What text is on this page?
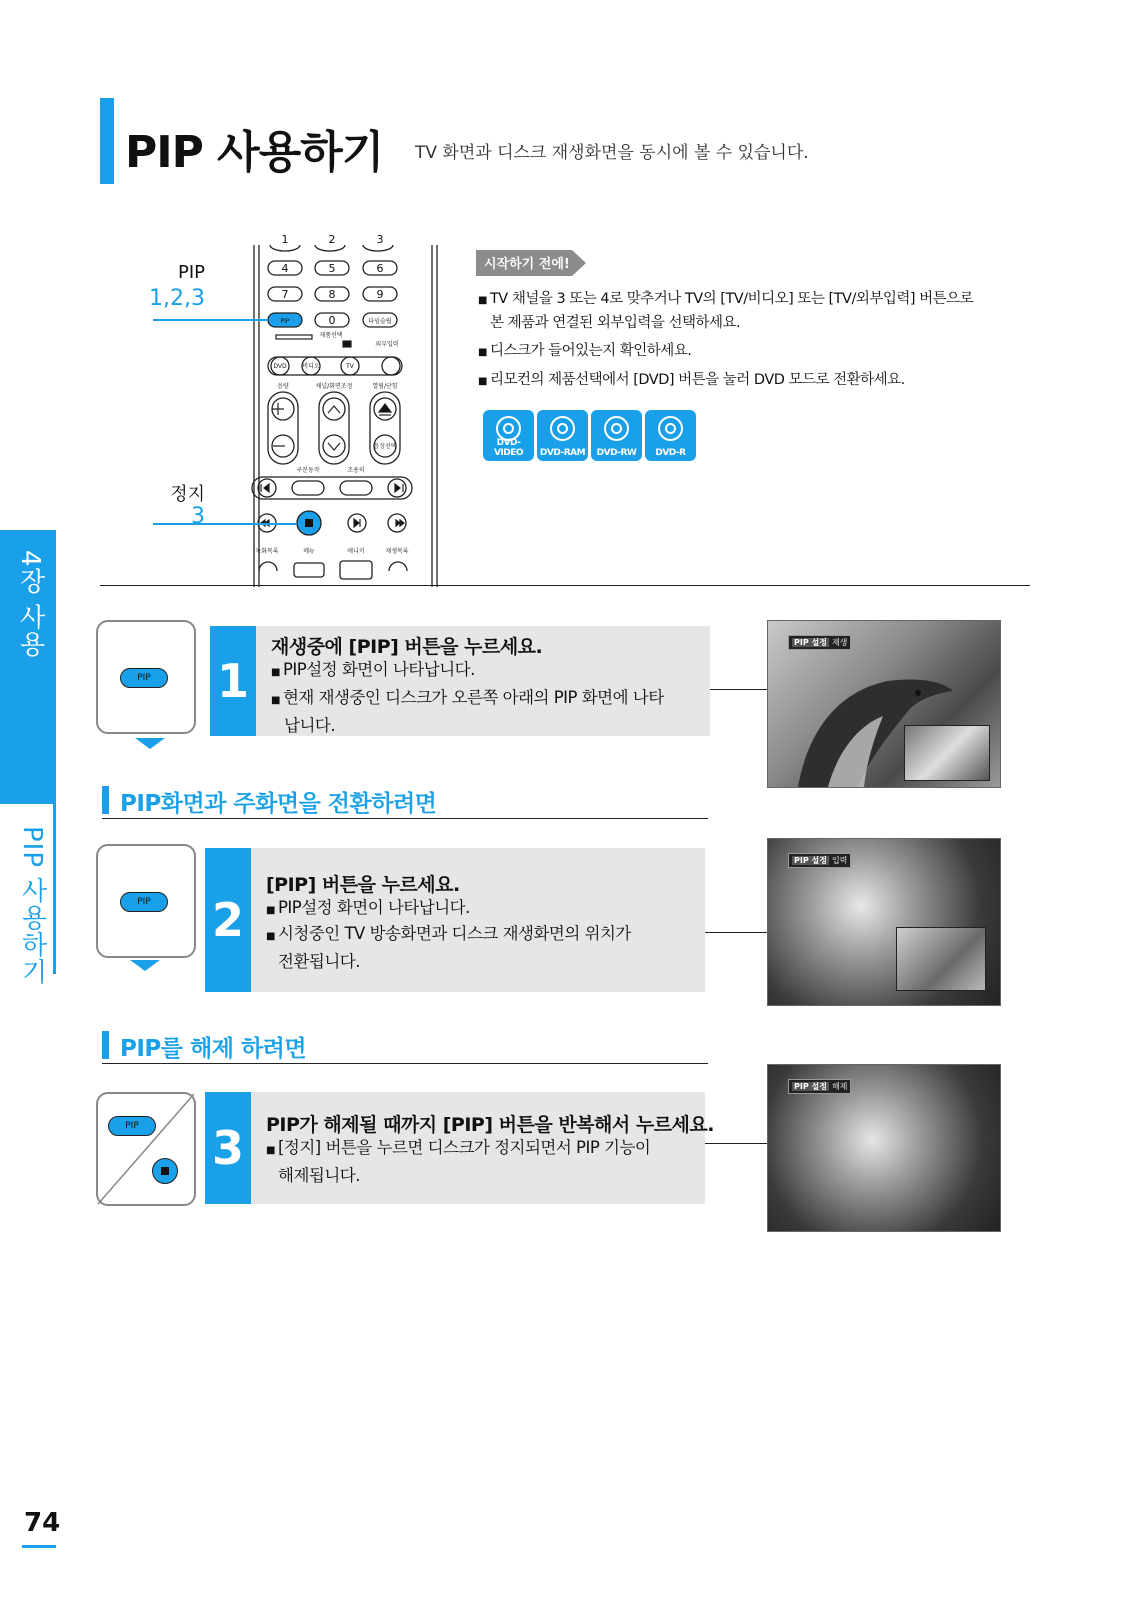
PIP 사용하기 TV 화면과 디스크 재생화면을 동시에 볼 수 있습니다.
4장 사용
PIP 사용하기
PIP
1,2,3
정지
3
1	2	3
4	5	6
7	8	9
0
PIP	타임슬립
제품선택
외부입력
DVD	비디오	TV
음량	채널/화면조정	열림/단힘
음성선택
구분동작	조용히
녹화목록	메뉴	애니키	재생목록
시작하기 전에!
■ TV 채널을 3 또는 4로 맞추거나 TV의 [TV/비디오] 또는 [TV/외부입력] 버튼으로
본 제품과 연결된 외부입력을 선택하세요.
■ 디스크가 들어있는지 확인하세요.
■ 리모컨의 제품선택에서 [DVD] 버튼을 눌러 DVD 모드로 전환하세요.
DVD-VIDEO	DVD-RAM	DVD-RW	DVD-R
PIP	1
재생중에 [PIP] 버튼을 누르세요.
■ PIP설정 화면이 나타납니다.
■ 현재 재생중인 디스크가 오른쪽 아래의 PIP 화면에 나타
납니다.
PIP 설정 재생
PIP화면과 주화면을 전환하려면
PIP	2
[PIP] 버튼을 누르세요.
■ PIP설정 화면이 나타납니다.
■ 시청중인 TV 방송화면과 디스크 재생화면의 위치가
전환됩니다.
PIP 설정 입력
PIP를 해제 하려면
PIP	3	PIP가 해제될 때까지 [PIP] 버튼을 반복해서 누르세요.
■ [정지] 버튼을 누르면 디스크가 정지되면서 PIP 기능이
해제됩니다.
PIP 설정 해제
74
